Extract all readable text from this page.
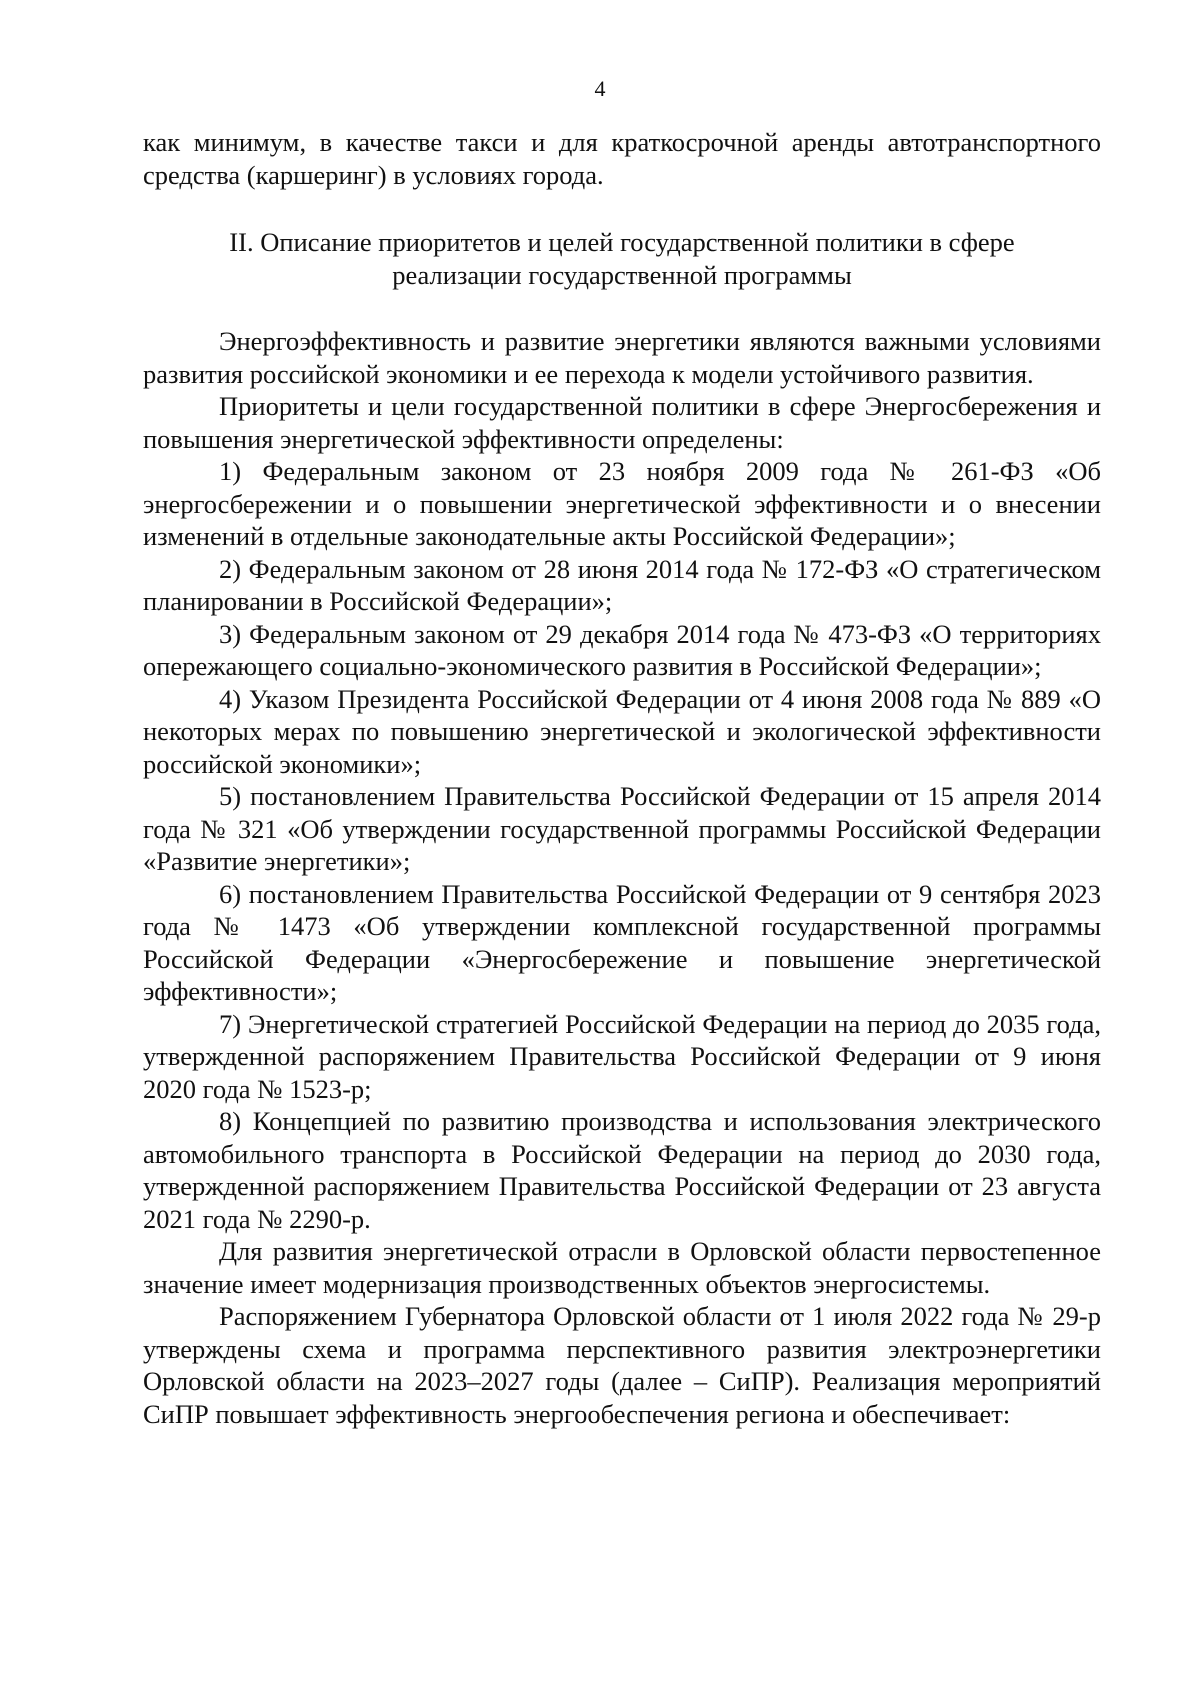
4

как минимум, в качестве такси и для краткосрочной аренды автотранспортного средства (каршеринг) в условиях города.

II. Описание приоритетов и целей государственной политики в сфере
реализации государственной программы

Энергоэффективность и развитие энергетики являются важными условиями развития российской экономики и ее перехода к модели устойчивого развития.

Приоритеты и цели государственной политики в сфере Энергосбережения и повышения энергетической эффективности определены:

1) Федеральным законом от 23 ноября 2009 года № 261-ФЗ «Об энергосбережении и о повышении энергетической эффективности и о внесении изменений в отдельные законодательные акты Российской Федерации»;

2) Федеральным законом от 28 июня 2014 года № 172-ФЗ «О стратегическом планировании в Российской Федерации»;

3) Федеральным законом от 29 декабря 2014 года № 473-ФЗ «О территориях опережающего социально-экономического развития в Российской Федерации»;

4) Указом Президента Российской Федерации от 4 июня 2008 года № 889 «О некоторых мерах по повышению энергетической и экологической эффективности российской экономики»;

5) постановлением Правительства Российской Федерации от 15 апреля 2014 года № 321 «Об утверждении государственной программы Российской Федерации «Развитие энергетики»;

6) постановлением Правительства Российской Федерации от 9 сентября 2023 года № 1473 «Об утверждении комплексной государственной программы Российской Федерации «Энергосбережение и повышение энергетической эффективности»;

7) Энергетической стратегией Российской Федерации на период до 2035 года, утвержденной распоряжением Правительства Российской Федерации от 9 июня 2020 года № 1523-р;

8) Концепцией по развитию производства и использования электрического автомобильного транспорта в Российской Федерации на период до 2030 года, утвержденной распоряжением Правительства Российской Федерации от 23 августа 2021 года № 2290-р.

Для развития энергетической отрасли в Орловской области первостепенное значение имеет модернизация производственных объектов энергосистемы.

Распоряжением Губернатора Орловской области от 1 июля 2022 года № 29-р утверждены схема и программа перспективного развития электроэнергетики Орловской области на 2023–2027 годы (далее – СиПР). Реализация мероприятий СиПР повышает эффективность энергообеспечения региона и обеспечивает:
